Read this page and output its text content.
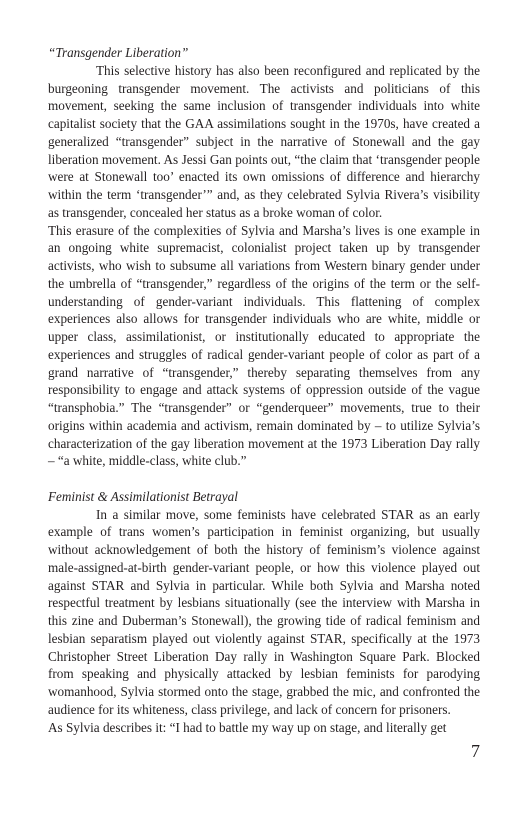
“Transgender Liberation”

This selective history has also been reconfigured and replicated by the burgeoning transgender movement. The activists and politicians of this movement, seeking the same inclusion of transgender individuals into white capitalist society that the GAA assimilations sought in the 1970s, have created a generalized “transgender” subject in the narrative of Stonewall and the gay liberation movement. As Jessi Gan points out, “the claim that ‘transgender people were at Stonewall too’ enacted its own omissions of difference and hierarchy within the term ‘transgender’” and, as they celebrated Sylvia Rivera’s visibility as transgender, concealed her status as a broke woman of color.

This erasure of the complexities of Sylvia and Marsha’s lives is one example in an ongoing white supremacist, colonialist project taken up by transgender activists, who wish to subsume all variations from Western binary gender under the umbrella of “transgender,” regardless of the origins of the term or the self-understanding of gender-variant individuals. This flattening of complex experiences also allows for transgender individuals who are white, middle or upper class, assimilationist, or institutionally educated to appropriate the experiences and struggles of radical gender-variant people of color as part of a grand narrative of “transgender,” thereby separating themselves from any responsibility to engage and attack systems of oppression outside of the vague “transphobia.” The “transgender” or “genderqueer” movements, true to their origins within academia and activism, remain dominated by – to utilize Sylvia’s characterization of the gay liberation movement at the 1973 Liberation Day rally – “a white, middle-class, white club.”

Feminist & Assimilationist Betrayal

In a similar move, some feminists have celebrated STAR as an early example of trans women’s participation in feminist organizing, but usually without acknowledgement of both the history of feminism’s violence against male-assigned-at-birth gender-variant people, or how this violence played out against STAR and Sylvia in particular. While both Sylvia and Marsha noted respectful treatment by lesbians situationally (see the interview with Marsha in this zine and Duberman’s Stonewall), the growing tide of radical feminism and lesbian separatism played out violently against STAR, specifically at the 1973 Christopher Street Liberation Day rally in Washington Square Park. Blocked from speaking and physically attacked by lesbian feminists for parodying womanhood, Sylvia stormed onto the stage, grabbed the mic, and confronted the audience for its whiteness, class privilege, and lack of concern for prisoners.

As Sylvia describes it: “I had to battle my way up on stage, and literally get

7
